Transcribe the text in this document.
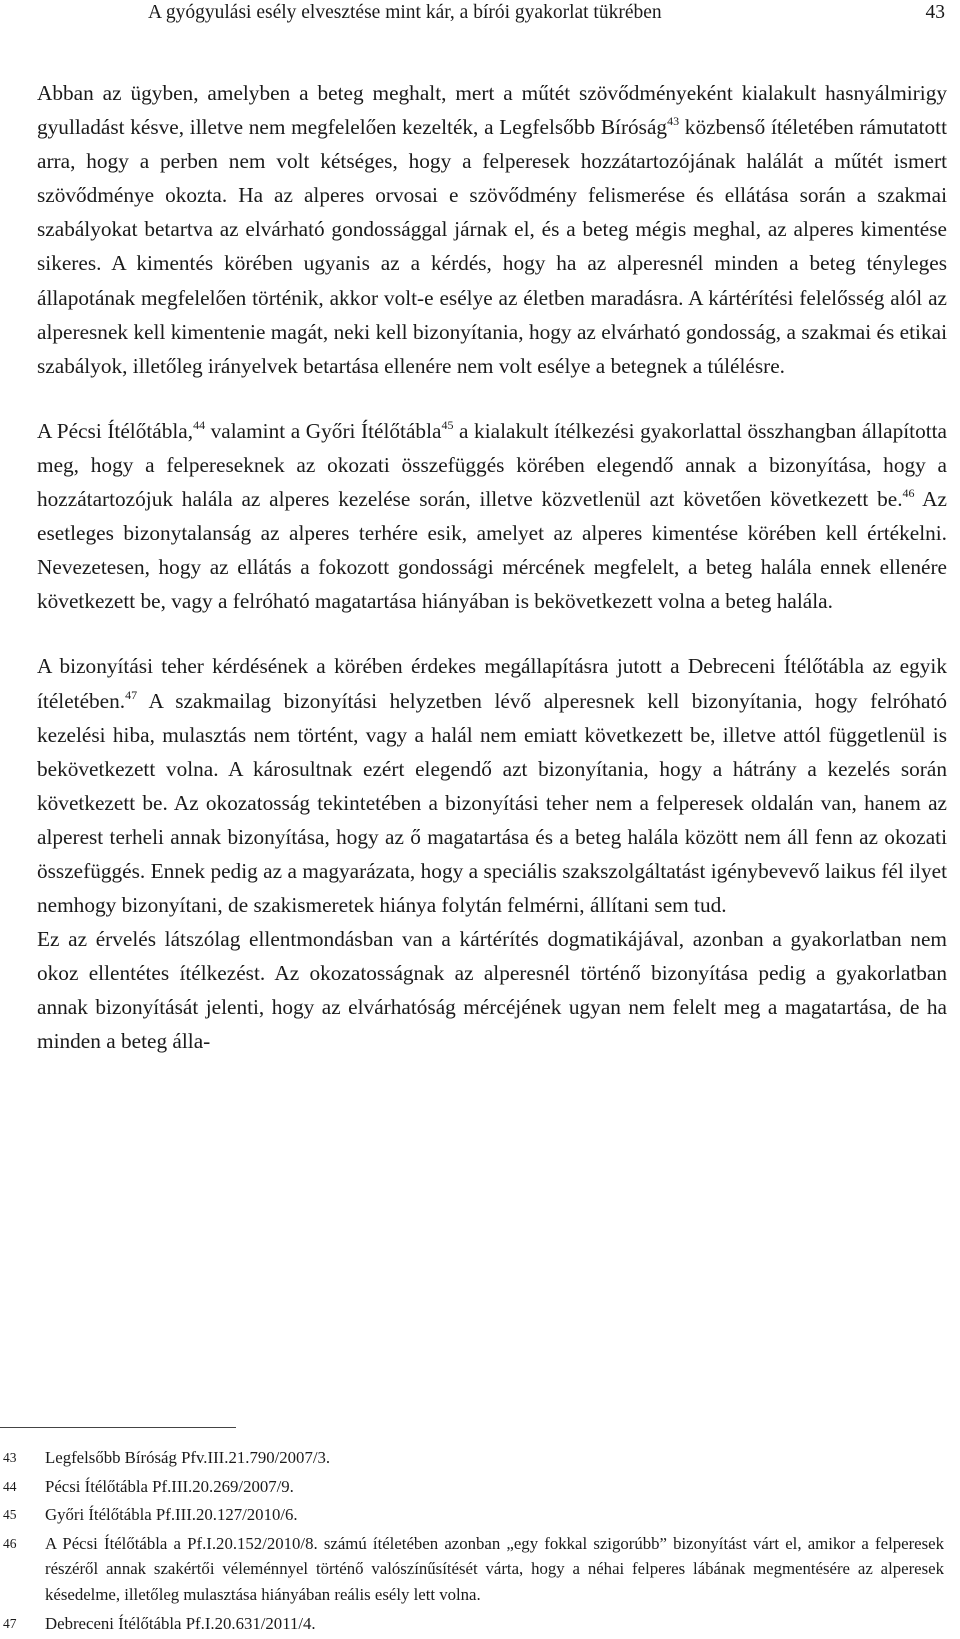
A gyógyulási esély elvesztése mint kár, a bírói gyakorlat tükrében	43

Abban az ügyben, amelyben a beteg meghalt, mert a műtét szövődményeként kialakult hasnyálmirigy gyulladást késve, illetve nem megfelelően kezelték, a Legfelsőbb Bíróság$^{43}$ közbenső ítéletében rámutatott arra, hogy a perben nem volt kétséges, hogy a felperesek hozzátartozójának halálát a műtét ismert szövődménye okozta. Ha az alperes orvosai e szövődmény felismerése és ellátása során a szakmai szabályokat betartva az elvárható gondossággal járnak el, és a beteg mégis meghal, az alperes kimentése sikeres. A kimentés körében ugyanis az a kérdés, hogy ha az alperesnél minden a beteg tényleges állapotának megfelelően történik, akkor volt-e esélye az életben maradásra. A kártérítési felelősség alól az alperesnek kell kimentenie magát, neki kell bizonyítania, hogy az elvárható gondosság, a szakmai és etikai szabályok, illetőleg irányelvek betartása ellenére nem volt esélye a betegnek a túlélésre.

A Pécsi Ítélőtábla,$^{44}$ valamint a Győri Ítélőtábla$^{45}$ a kialakult ítélkezési gyakorlattal összhangban állapította meg, hogy a felpereseknek az okozati összefüggés körében elegendő annak a bizonyítása, hogy a hozzátartozójuk halála az alperes kezelése során, illetve közvetlenül azt követően következett be.$^{46}$ Az esetleges bizonytalanság az alperes terhére esik, amelyet az alperes kimentése körében kell értékelni. Nevezetesen, hogy az ellátás a fokozott gondossági mércének megfelelt, a beteg halála ennek ellenére következett be, vagy a felróható magatartása hiányában is bekövetkezett volna a beteg halála.

A bizonyítási teher kérdésének a körében érdekes megállapításra jutott a Debreceni Ítélőtábla az egyik ítéletében.$^{47}$ A szakmailag bizonyítási helyzetben lévő alperesnek kell bizonyítania, hogy felróható kezelési hiba, mulasztás nem történt, vagy a halál nem emiatt következett be, illetve attól függetlenül is bekövetkezett volna. A károsultnak ezért elegendő azt bizonyítania, hogy a hátrány a kezelés során következett be. Az okozatosság tekintetében a bizonyítási teher nem a felperesek oldalán van, hanem az alperest terheli annak bizonyítása, hogy az ő magatartása és a beteg halála között nem áll fenn az okozati összefüggés. Ennek pedig az a magyarázata, hogy a speciális szakszolgáltatást igénybevevő laikus fél ilyet nemhogy bizonyítani, de szakismeretek hiánya folytán felmérni, állítani sem tud.

Ez az érvelés látszólag ellentmondásban van a kártérítés dogmatikájával, azonban a gyakorlatban nem okoz ellentétes ítélkezést. Az okozatosságnak az alperesnél történő bizonyítása pedig a gyakorlatban annak bizonyítását jelenti, hogy az elvárhatóság mércéjének ugyan nem felelt meg a magatartása, de ha minden a beteg álla-

43	Legfelsőbb Bíróság Pfv.III.21.790/2007/3.
44	Pécsi Ítélőtábla Pf.III.20.269/2007/9.
45	Győri Ítélőtábla Pf.III.20.127/2010/6.
46	A Pécsi Ítélőtábla a Pf.I.20.152/2010/8. számú ítéletében azonban „egy fokkal szigorúbb” bizonyítást várt el, amikor a felperesek részéről annak szakértői véleménnyel történő valószínűsítését várta, hogy a néhai felperes lábának megmentésére az alperesek késedelme, illetőleg mulasztása hiányában reális esély lett volna.
47	Debreceni Ítélőtábla Pf.I.20.631/2011/4.
